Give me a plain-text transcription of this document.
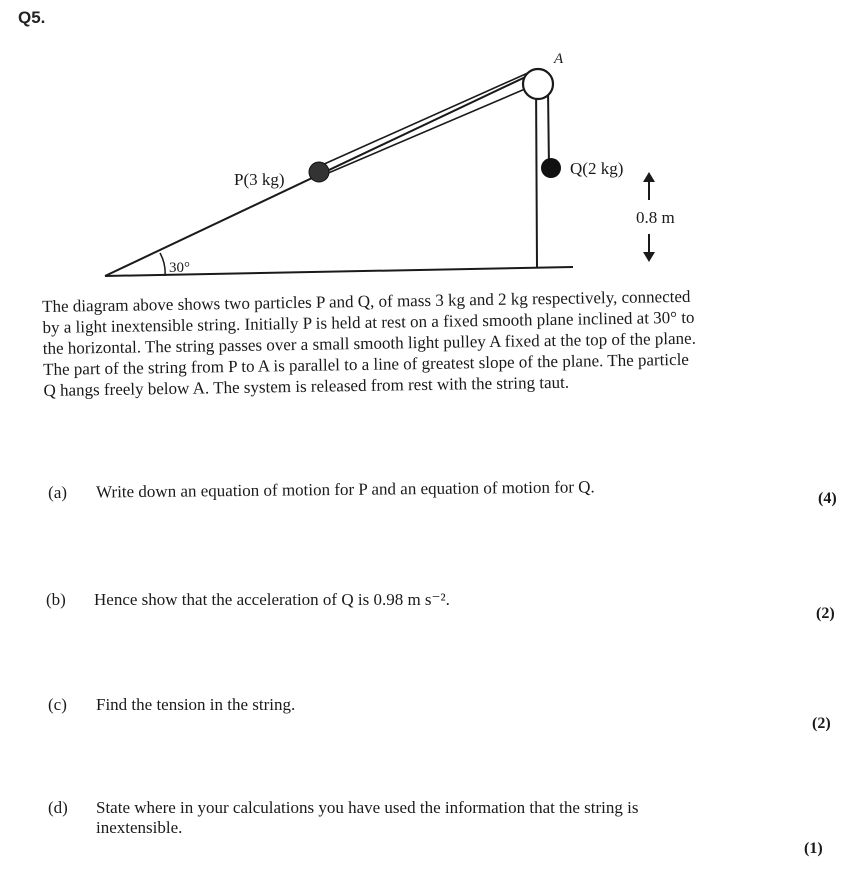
Q5.
A
P(3 kg)
Q(2 kg)
30°
0.8 m
The diagram above shows two particles P and Q, of mass 3 kg and 2 kg respectively, connected
by a light inextensible string. Initially P is held at rest on a fixed smooth plane inclined at 30° to
the horizontal. The string passes over a small smooth light pulley A fixed at the top of the plane.
The part of the string from P to A is parallel to a line of greatest slope of the plane. The particle
Q hangs freely below A. The system is released from rest with the string taut.
(a) Write down an equation of motion for P and an equation of motion for Q.	(4)
(b) Hence show that the acceleration of Q is 0.98 m s⁻².
(2)
(c) Find the tension in the string.
(2)
(d) State where in your calculations you have used the information that the string is
inextensible.
(1)
